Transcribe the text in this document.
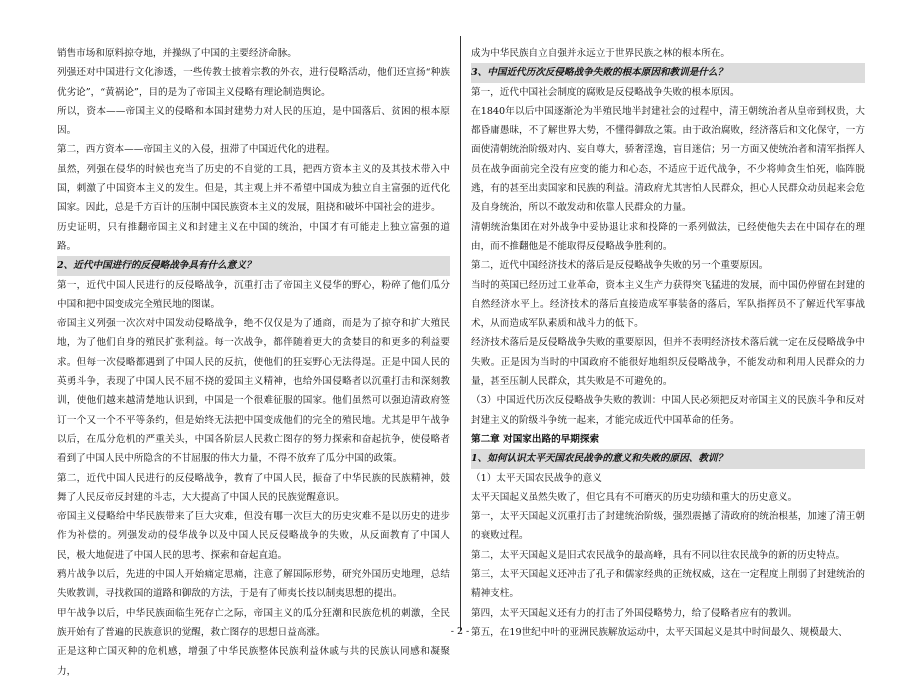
销售市场和原料掠夺地，并操纵了中国的主要经济命脉。

列强还对中国进行文化渗透，一些传教士披着宗教的外衣，进行侵略活动，他们还宣扬“种族优劣论”，“黄祸论”，目的是为了帝国主义侵略有理论制造舆论。

所以，资本——帝国主义的侵略和本国封建势力对人民的压迫，是中国落后、贫困的根本原因。

第二，西方资本——帝国主义的入侵，扭滞了中国近代化的进程。

虽然，列强在侵华的时候也充当了历史的不自觉的工具，把西方资本主义的及其技术带入中国，刺激了中国资本主义的发生。但是，其主观上并不希望中国成为独立自主富强的近代化国家。因此，总是千方百计的压制中国民族资本主义的发展，阻挠和破坏中国社会的进步。

历史证明，只有推翻帝国主义和封建主义在中国的统治，中国才有可能走上独立富强的道路。

2、近代中国进行的反侵略战争具有什么意义？

第一，近代中国人民进行的反侵略战争，沉重打击了帝国主义侵华的野心，粉碎了他们瓜分中国和把中国变成完全殖民地的图谋。

帝国主义列强一次次对中国发动侵略战争，绝不仅仅是为了通商，而是为了掠夺和扩大殖民地，为了他们自身的殖民扩张利益。每一次战争，都伴随着更大的贪婪目的和更多的利益要求。但每一次侵略都遇到了中国人民的反抗，使他们的狂妄野心无法得逞。正是中国人民的英勇斗争，表现了中国人民不屈不挠的爱国主义精神，也给外国侵略者以沉重打击和深刻教训，使他们越来越清楚地认识到，中国是一个很难征服的国家。他们虽然可以强迫清政府签订一个又一个不平等条约，但是始终无法把中国变成他们的完全的殖民地。尤其是甲午战争以后，在瓜分危机的严重关头，中国各阶层人民救亡图存的努力探索和奋起抗争，使侵略者看到了中国人民中所隐含的不甘屈服的伟大力量，不得不放弃了瓜分中国的政策。

第二，近代中国人民进行的反侵略战争，教育了中国人民，振奋了中华民族的民族精神，鼓舞了人民反帝反封建的斗志，大大提高了中国人民的民族觉醒意识。

帝国主义侵略给中华民族带来了巨大灾难，但没有哪一次巨大的历史灾难不是以历史的进步作为补偿的。列强发动的侵华战争以及中国人民反侵略战争的失败，从反面教育了中国人民，极大地促进了中国人民的思考、探索和奋起直追。

鸦片战争以后，先进的中国人开始痛定思痛，注意了解国际形势，研究外国历史地理，总结失败教训，寻找救国的道路和御敌的方法，于是有了师夷长技以制夷思想的提出。

甲午战争以后，中华民族面临生死存亡之际，帝国主义的瓜分狂潮和民族危机的刺激，全民族开始有了普遍的民族意识的觉醒，救亡图存的思想日益高涨。

正是这种亡国灭种的危机感，增强了中华民族整体民族利益休戚与共的民族认同感和凝聚力，

成为中华民族自立自强并永远立于世界民族之林的根本所在。

3、中国近代历次反侵略战争失败的根本原因和教训是什么？

第一，近代中国社会制度的腐败是反侵略战争失败的根本原因。

在1840年以后中国逐渐沦为半殖民地半封建社会的过程中，清王朝统治者从皇帝到权贵，大都昏庸愚昧，不了解世界大势，不懂得御敌之策。由于政治腐败，经济落后和文化保守，一方面使清朝统治阶级对内、妄自尊大，骄奢淫逸，盲目迷信；另一方面又使统治者和清军指挥人员在战争面前完全没有应变的能力和心态，不适应于近代战争，不少将帅贪生怕死，临阵脱逃，有的甚至出卖国家和民族的利益。清政府尤其害怕人民群众，担心人民群众动员起来会危及自身统治，所以不敢发动和依靠人民群众的力量。

清朝统治集团在对外战争中妥协退让求和投降的一系列做法，已经使他失去在中国存在的理由，而不推翻他是不能取得反侵略战争胜利的。

第二，近代中国经济技术的落后是反侵略战争失败的另一个重要原因。

当时的英国已经历过工业革命，资本主义生产力获得突飞猛进的发展，而中国仍停留在封建的自然经济水平上。经济技术的落后直接造成军事装备的落后，军队指挥员不了解近代军事战术，从而造成军队素质和战斗力的低下。

经济技术落后是反侵略战争失败的重要原因，但并不表明经济技术落后就一定在反侵略战争中失败。正是因为当时的中国政府不能很好地组织反侵略战争，不能发动和利用人民群众的力量，甚至压制人民群众，其失败是不可避免的。

（3）中国近代历次反侵略战争失败的教训：中国人民必须把反对帝国主义的民族斗争和反对封建主义的阶级斗争统一起来，才能完成近代中国革命的任务。

第二章 对国家出路的早期探索

1、如何认识太平天国农民战争的意义和失败的原因、教训？

（1）太平天国农民战争的意义

太平天国起义虽然失败了，但它具有不可磨灭的历史功绩和重大的历史意义。

第一，太平天国起义沉重打击了封建统治阶级，强烈震撼了清政府的统治根基，加速了清王朝的衰败过程。

第二，太平天国起义是旧式农民战争的最高峰，具有不同以往农民战争的新的历史特点。

第三，太平天国起义还冲击了孔子和儒家经典的正统权威，这在一定程度上削弱了封建统治的精神支柱。

第四，太平天国起义还有力的打击了外国侵略势力，给了侵略者应有的教训。

第五，在19世纪中叶的亚洲民族解放运动中，太平天国起义是其中时间最久、规模最大、

- 2 -
